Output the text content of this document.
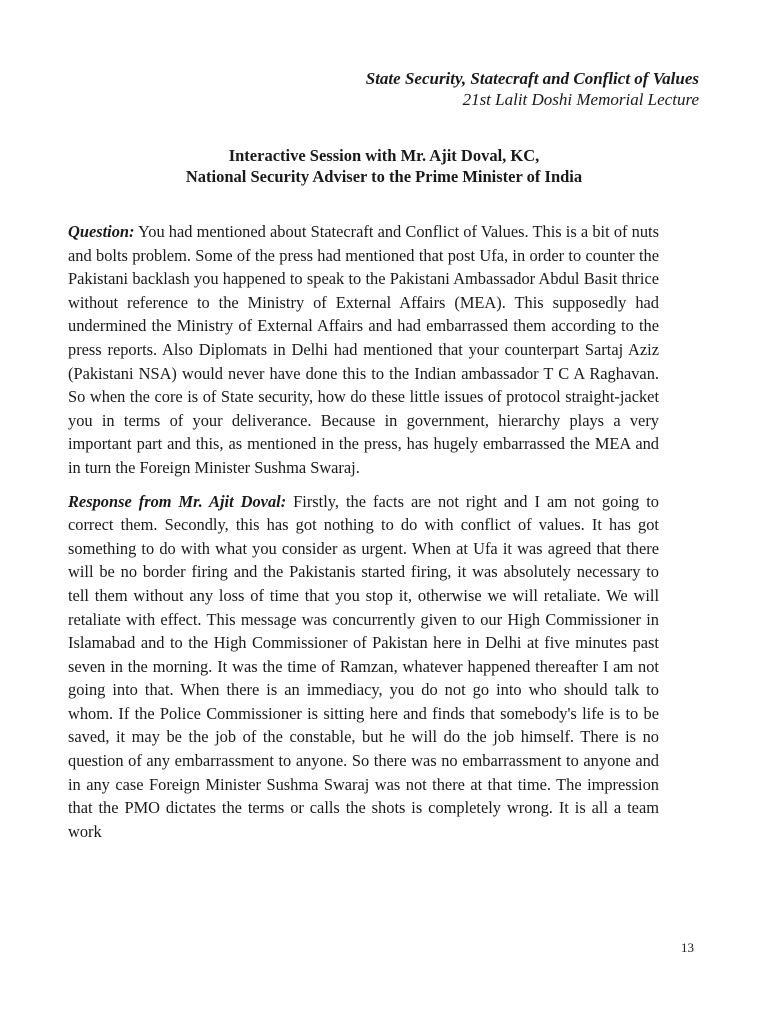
State Security, Statecraft and Conflict of Values
21st Lalit Doshi Memorial Lecture
Interactive Session with Mr. Ajit Doval, KC,
National Security Adviser to the Prime Minister of India

Question: You had mentioned about Statecraft and Conflict of Values. This is a bit of nuts and bolts problem. Some of the press had mentioned that post Ufa, in order to counter the Pakistani backlash you happened to speak to the Pakistani Ambassador Abdul Basit thrice without reference to the Ministry of External Affairs (MEA). This supposedly had undermined the Ministry of External Affairs and had embarrassed them according to the press reports. Also Diplomats in Delhi had mentioned that your counterpart Sartaj Aziz (Pakistani NSA) would never have done this to the Indian ambassador T C A Raghavan. So when the core is of State security, how do these little issues of protocol straight-jacket you in terms of your deliverance. Because in government, hierarchy plays a very important part and this, as mentioned in the press, has hugely embarrassed the MEA and in turn the Foreign Minister Sushma Swaraj.

Response from Mr. Ajit Doval: Firstly, the facts are not right and I am not going to correct them. Secondly, this has got nothing to do with conflict of values. It has got something to do with what you consider as urgent. When at Ufa it was agreed that there will be no border firing and the Pakistanis started firing, it was absolutely necessary to tell them without any loss of time that you stop it, otherwise we will retaliate. We will retaliate with effect. This message was concurrently given to our High Commissioner in Islamabad and to the High Commissioner of Pakistan here in Delhi at five minutes past seven in the morning. It was the time of Ramzan, whatever happened thereafter I am not going into that. When there is an immediacy, you do not go into who should talk to whom. If the Police Commissioner is sitting here and finds that somebody's life is to be saved, it may be the job of the constable, but he will do the job himself. There is no question of any embarrassment to anyone. So there was no embarrassment to anyone and in any case Foreign Minister Sushma Swaraj was not there at that time. The impression that the PMO dictates the terms or calls the shots is completely wrong. It is all a team work

13
